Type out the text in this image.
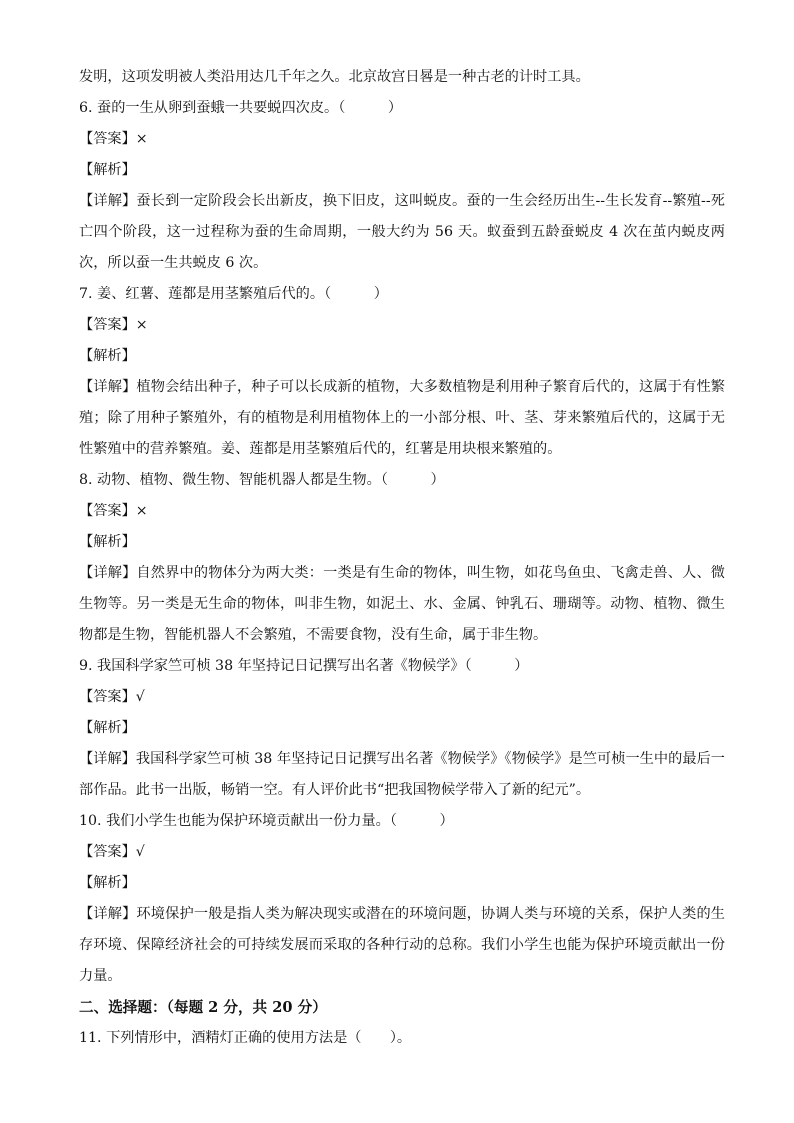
发明，这项发明被人类沿用达几千年之久。北京故宫日晷是一种古老的计时工具。
6. 蚕的一生从卵到蚕蛾一共要蜕四次皮。（　　　）
【答案】×
【解析】
【详解】蚕长到一定阶段会长出新皮，换下旧皮，这叫蜕皮。蚕的一生会经历出生--生长发育--繁殖--死亡四个阶段，这一过程称为蚕的生命周期，一般大约为 56 天。蚁蚕到五龄蚕蜕皮 4 次在茧内蜕皮两次，所以蚕一生共蜕皮 6 次。
7. 姜、红薯、莲都是用茎繁殖后代的。（　　　）
【答案】×
【解析】
【详解】植物会结出种子，种子可以长成新的植物，大多数植物是利用种子繁育后代的，这属于有性繁殖；除了用种子繁殖外，有的植物是利用植物体上的一小部分根、叶、茎、芽来繁殖后代的，这属于无性繁殖中的营养繁殖。姜、莲都是用茎繁殖后代的，红薯是用块根来繁殖的。
8. 动物、植物、微生物、智能机器人都是生物。（　　　）
【答案】×
【解析】
【详解】自然界中的物体分为两大类：一类是有生命的物体，叫生物，如花鸟鱼虫、飞禽走兽、人、微生物等。另一类是无生命的物体，叫非生物，如泥土、水、金属、钟乳石、珊瑚等。动物、植物、微生物都是生物，智能机器人不会繁殖，不需要食物，没有生命，属于非生物。
9. 我国科学家竺可桢 38 年坚持记日记撰写出名著《物候学》（　　　）
【答案】√
【解析】
【详解】我国科学家竺可桢 38 年坚持记日记撰写出名著《物候学》《物候学》是竺可桢一生中的最后一部作品。此书一出版，畅销一空。有人评价此书“把我国物候学带入了新的纪元”。
10. 我们小学生也能为保护环境贡献出一份力量。（　　　）
【答案】√
【解析】
【详解】环境保护一般是指人类为解决现实或潜在的环境问题，协调人类与环境的关系，保护人类的生存环境、保障经济社会的可持续发展而采取的各种行动的总称。我们小学生也能为保护环境贡献出一份力量。
二、选择题：（每题 2 分，共 20 分）
11. 下列情形中，酒精灯正确的使用方法是（　　）。
